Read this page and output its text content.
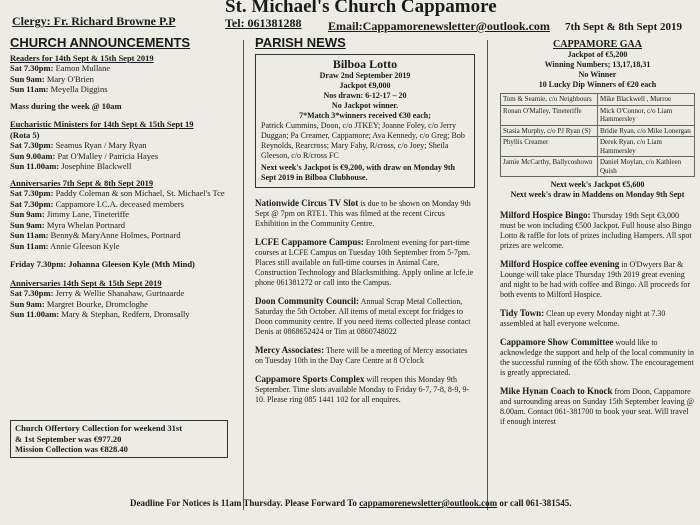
St. Michael's Church Cappamore
Clergy: Fr. Richard Browne P.P	Tel: 061381288 Email:Cappamorenewsletter@outlook.com 7th Sept & 8th Sept 2019
CHURCH ANNOUNCEMENTS
Readers for 14th Sept & 15th Sept 2019
Sat 7.30pm: Eamon Mullane
Sun 9am: Mary O'Brien
Sun 11am: Meyella Diggins
Mass during the week @ 10am
Eucharistic Ministers for 14th Sept & 15th Sept 19
(Rota 5)
Sat 7.30pm: Seamus Ryan / Mary Ryan
Sun 9.00am: Pat O'Malley / Patricia Hayes
Sun 11.00am: Josephine Blackwell
Anniversaries 7th Sept & 8th Sept 2019
Sat 7.30pm: Paddy Coleman & son Michael, St. Michael's Tce
Sat 7.30pm: Cappamore I.C.A. deceased members
Sun 9am: Jimmy Lane, Tineteriffe
Sun 9am: Myra Whelan Portnard
Sun 11am: Benny& MaryAnne Holmes, Portnard
Sun 11am: Annie Gleeson Kyle
Friday 7.30pm: Johanna Gleeson Kyle (Mth Mind)
Anniversaries 14th Sept & 15th Sept 2019
Sat 7.30pm: Jerry & Wellie Shanahaw, Gurtnaarde
Sun 9am: Margret Bourke, Dromcloghe
Sun 11.00am: Mary & Stephan, Redfern, Dromsally
Church Offertory Collection for weekend 31st
& 1st September was €977.20
Mission Collection was €828.40
PARISH NEWS
Bilboa Lotto
Draw 2nd September 2019
Jackpot €9,000
Nos drawn: 6-12-17 – 20
No Jackpot winner.
7*Match 3*winners received €30 each;
Patrick Cummins, Doon, c/o JTKEY; Joanne Foley, c/o Jerry Duggan; Pa Creamer, Cappamore; Ava Kennedy, c/o Greg; Bob Reynolds, Rearcross; Mary Fahy, R/cross, c/o Joey; Sheila Gleeson, c/o R/cross FC
Next week's Jackpot is €9,200, with draw on Monday 9th Sept 2019 in Bilboa Clubhouse.
Nationwide Circus TV Slot is due to be shown on Monday 9th Sept @ 7pm on RTE1. This was filmed at the recent Circus Exhibition in the Community Centre.
LCFE Cappamore Campus: Enrolment evening for part-time courses at LCFE Campus on Tuesday 10th September from 5-7pm. Places still available on full-time courses in Animal Care, Construction Technology and Blacksmithing. Apply online at lcfe.ie phone 061381272 or call into the Campus.
Doon Community Council: Annual Scrap Metal Collection, Saturday the 5th October. All items of metal except for fridges to Doon community centre. If you need items collected please contact Denis at 0868652424 or Tim at 0860748022
Mercy Associates: There will be a meeting of Mercy associates on Tuesday 10th in the Day Care Centre at 8 O'clock
Cappamore Sports Complex will reopen this Monday 9th September. Time slots available Monday to Friday 6-7, 7-8, 8-9, 9-10. Please ring 085 1441 102 for all enquires.
CAPPAMORE GAA
Jackpot of €5,200
Winning Numbers; 13,17,18,31
No Winner
10 Lucky Dip Winners of €20 each
Tom & Seamie, c/o Neighbours	Mike Blackwell , Murroe
Ronan O'Malley, Tineteriffe	Mick O'Connor, c/o Liam Hammersley
Stasia Murphy, c/o PJ Ryan (S)	Bridie Ryan, c/o Mike Lonergan
Phyllis Creamer	Derek Ryan, c/o Liam Hammersley
Jamie McCarthy, Ballycoshown	Daniel Moylan, c/o Kathleen Quish
Next week's Jackpot €5,600
Next week's draw in Maddens on Monday 9th Sept
Milford Hospice Bingo: Thursday 19th Sept €3,000 must be won including €500 Jackpot. Full house also Bingo Lotto & raffle for lots of prizes including Hampers. All spot prizes are welcome.
Milford Hospice coffee evening in O'Dwyers Bar & Lounge will take place Thursday 19th 2019 great evening and night to be had with coffee and Bingo. All proceeds for both events to Milford Hospice.
Tidy Town: Clean up every Monday night at 7.30 assembled at hall everyone welcome.
Cappamore Show Committee would like to acknowledge the support and help of the local community in the successful running of the 65th show. The encouragement is greatly appreciated.
Mike Hynan Coach to Knock from Doon, Cappamore and surrounding areas on Sunday 15th September leaving @ 8.00am. Contact 061-381700 to book your seat. Will travel if enough interest
Deadline For Notices is 11am Thursday. Please Forward To cappamorenewsletter@outlook.com or call 061-381545.
